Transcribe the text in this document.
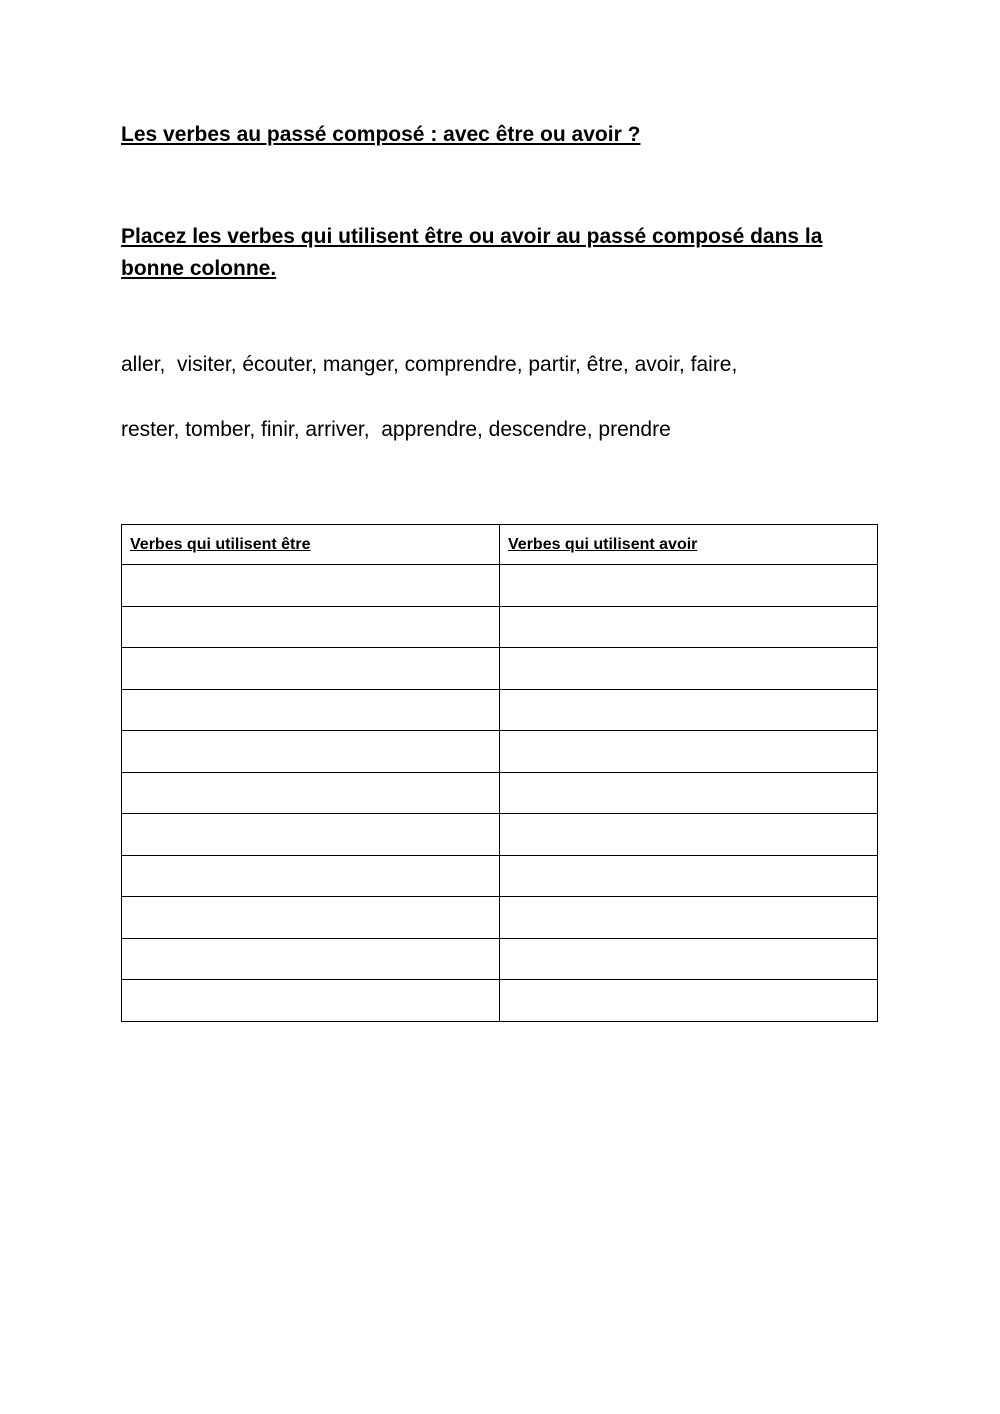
Les verbes au passé composé : avec être ou avoir ?

Placez les verbes qui utilisent être ou avoir au passé composé dans la bonne colonne.

aller,  visiter, écouter, manger, comprendre, partir, être, avoir, faire,

rester, tomber, finir, arriver,  apprendre, descendre, prendre

Verbes qui utilisent être	Verbes qui utilisent avoir
